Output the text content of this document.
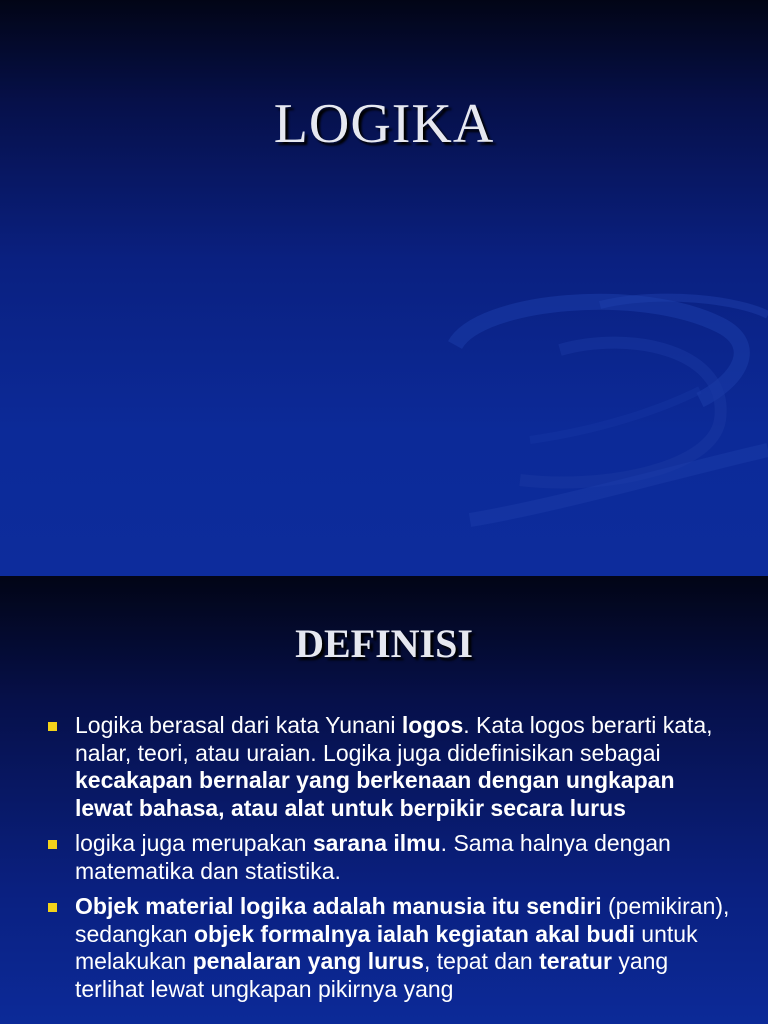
LOGIKA
DEFINISI
Logika berasal dari kata Yunani logos. Kata logos berarti kata, nalar, teori, atau uraian. Logika juga didefinisikan sebagai kecakapan bernalar yang berkenaan dengan ungkapan lewat bahasa, atau alat untuk berpikir secara lurus
logika juga merupakan sarana ilmu. Sama halnya dengan matematika dan statistika.
Objek material logika adalah manusia itu sendiri (pemikiran), sedangkan objek formalnya ialah kegiatan akal budi untuk melakukan penalaran yang lurus, tepat dan teratur yang terlihat lewat ungkapan pikirnya yang
